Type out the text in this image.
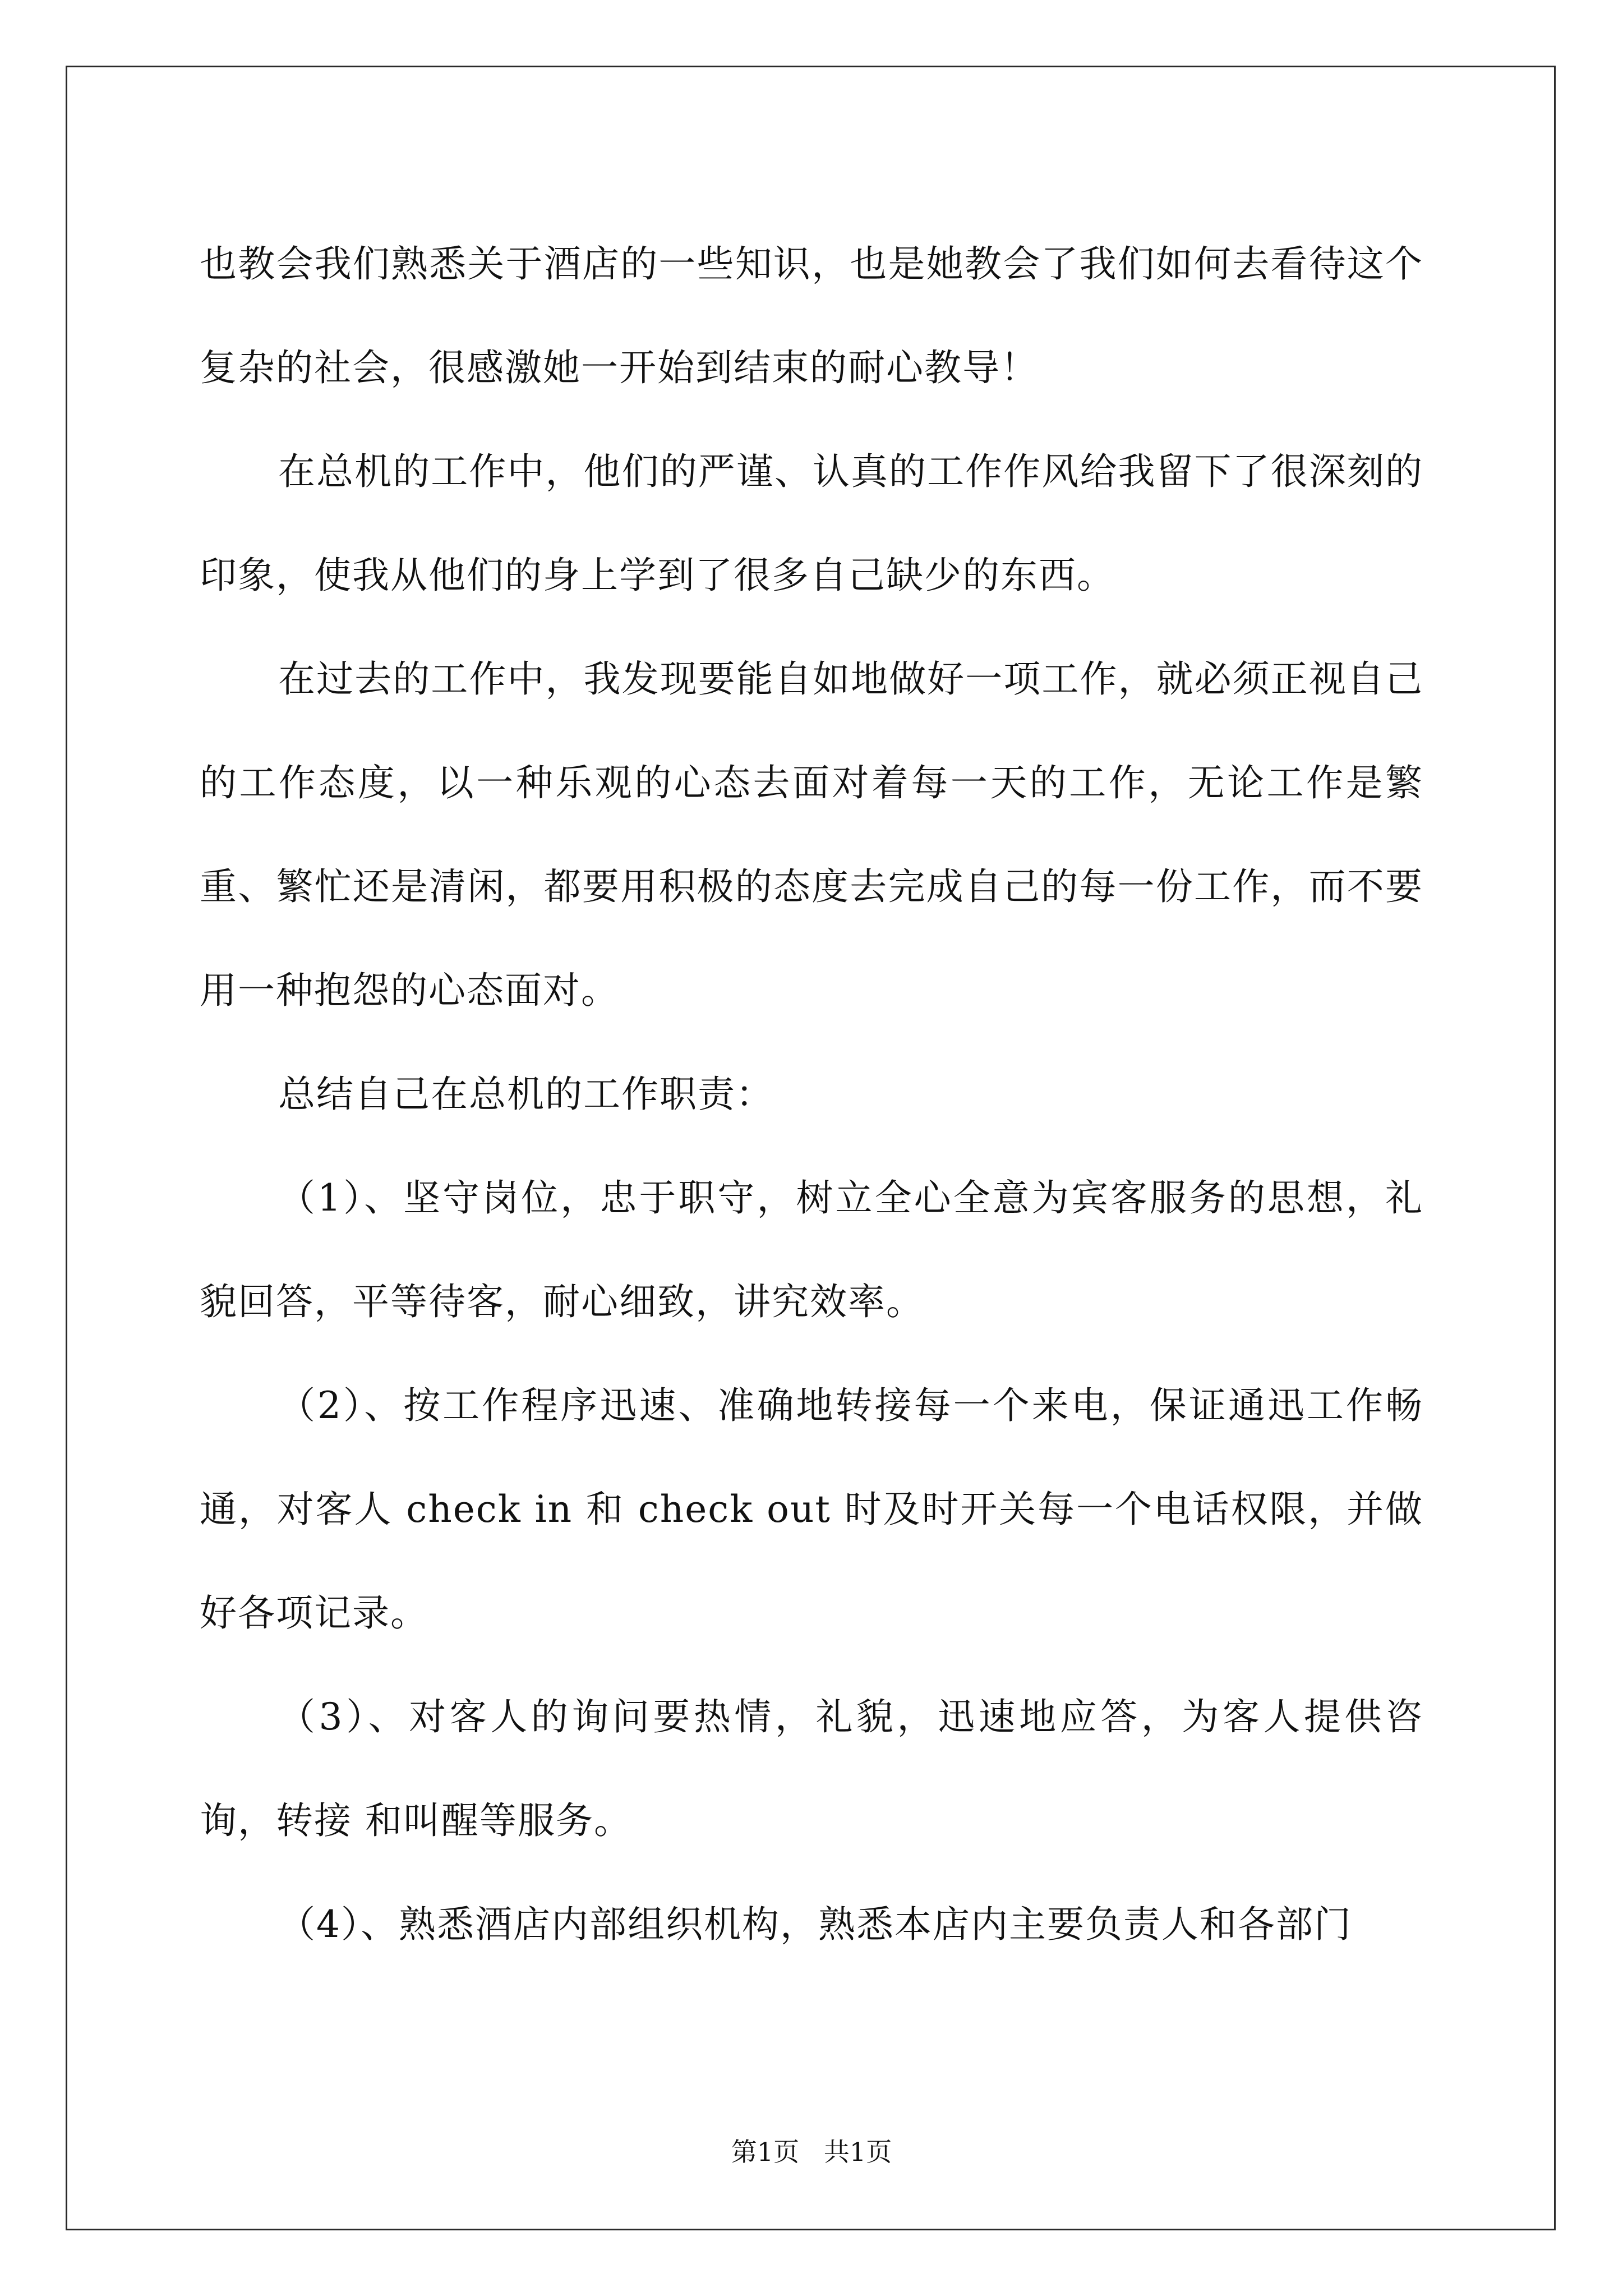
也教会我们熟悉关于酒店的一些知识，也是她教会了我们如何去看待这个复杂的社会，很感激她一开始到结束的耐心教导！

在总机的工作中，他们的严谨、认真的工作作风给我留下了很深刻的印象，使我从他们的身上学到了很多自己缺少的东西。

在过去的工作中，我发现要能自如地做好一项工作，就必须正视自己的工作态度，以一种乐观的心态去面对着每一天的工作，无论工作是繁重、繁忙还是清闲，都要用积极的态度去完成自己的每一份工作，而不要用一种抱怨的心态面对。

总结自己在总机的工作职责：

（1）、坚守岗位，忠于职守，树立全心全意为宾客服务的思想，礼貌回答，平等待客，耐心细致，讲究效率。

（2）、按工作程序迅速、准确地转接每一个来电，保证通迅工作畅通，对客人 check in 和 check out 时及时开关每一个电话权限，并做好各项记录。

（3）、对客人的询问要热情，礼貌，迅速地应答，为客人提供咨询，转接 和叫醒等服务。

（4）、熟悉酒店内部组织机构，熟悉本店内主要负责人和各部门

第1页   共1页
